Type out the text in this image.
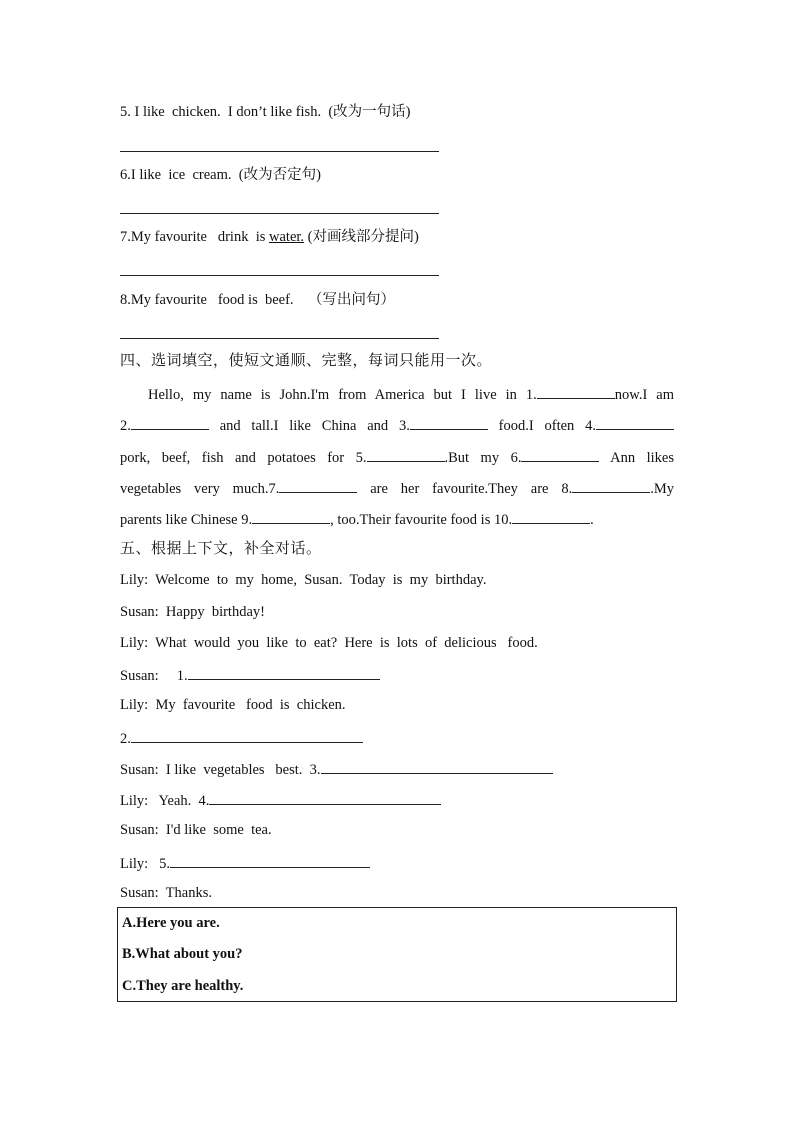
5. I like  chicken.  I don’t like fish.  (改为一句话)
6.I like  ice  cream.  (改为否定句)
7.My favourite   drink  is water. (对画线部分提问)
8.My favourite   food is  beef.    （写出问句）
四、选词填空，使短文通顺、完整，每词只能用一次。
Hello, my name is John.I'm from America but I live in 1.	now.I am
2.	and tall.I like China and 3.	food.I often 4.
pork, beef, fish and potatoes for 5.	.But my 6.	Ann likes
vegetables very much.7.	are her favourite.They are 8.	.My
parents like Chinese 9.	, too.Their favourite food is 10.	.
五、根据上下文，补全对话。
Lily:  Welcome  to  my  home,  Susan.  Today  is  my  birthday.
Susan:  Happy  birthday!
Lily:  What  would  you  like  to  eat?  Here  is  lots  of  delicious   food.
Susan:     1.
Lily:  My  favourite   food  is  chicken.
2.
Susan:  I like  vegetables   best.  3.
Lily:   Yeah.  4.
Susan:  I'd like  some  tea.
Lily:   5.
Susan:  Thanks.
A.Here you are.
B.What about you?
C.They are healthy.
